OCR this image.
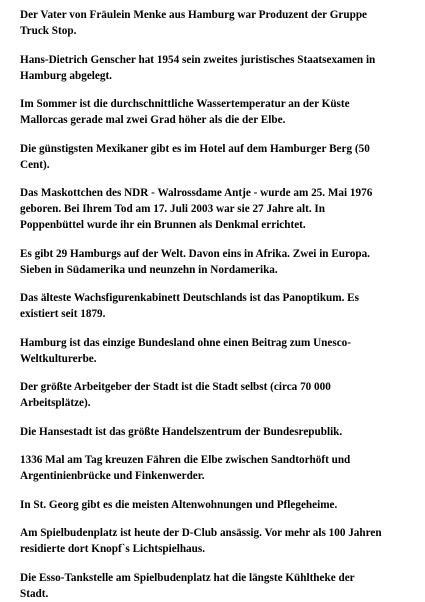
Der Vater von Fräulein Menke aus Hamburg war Produzent der Gruppe
Truck Stop.

Hans-Dietrich Genscher hat 1954 sein zweites juristisches Staatsexamen in
Hamburg abgelegt.

Im Sommer ist die durchschnittliche Wassertemperatur an der Küste
Mallorcas gerade mal zwei Grad höher als die der Elbe.

Die günstigsten Mexikaner gibt es im Hotel auf dem Hamburger Berg (50
Cent).

Das Maskottchen des NDR - Walrossdame Antje - wurde am 25. Mai 1976
geboren. Bei Ihrem Tod am 17. Juli 2003 war sie 27 Jahre alt. In
Poppenbüttel wurde ihr ein Brunnen als Denkmal errichtet.

Es gibt 29 Hamburgs auf der Welt. Davon eins in Afrika. Zwei in Europa.
Sieben in Südamerika und neunzehn in Nordamerika.

Das älteste Wachsfigurenkabinett Deutschlands ist das Panoptikum. Es
existiert seit 1879.

Hamburg ist das einzige Bundesland ohne einen Beitrag zum Unesco-
Weltkulturerbe.

Der größte Arbeitgeber der Stadt ist die Stadt selbst (circa 70 000
Arbeitsplätze).

Die Hansestadt ist das größte Handelszentrum der Bundesrepublik.

1336 Mal am Tag kreuzen Fähren die Elbe zwischen Sandtorhöft und
Argentinienbrücke und Finkenwerder.

In St. Georg gibt es die meisten Altenwohnungen und Pflegeheime.

Am Spielbudenplatz ist heute der D-Club ansässig. Vor mehr als 100 Jahren
residierte dort Knopf`s Lichtspielhaus.

Die Esso-Tankstelle am Spielbudenplatz hat die längste Kühltheke der
Stadt.
